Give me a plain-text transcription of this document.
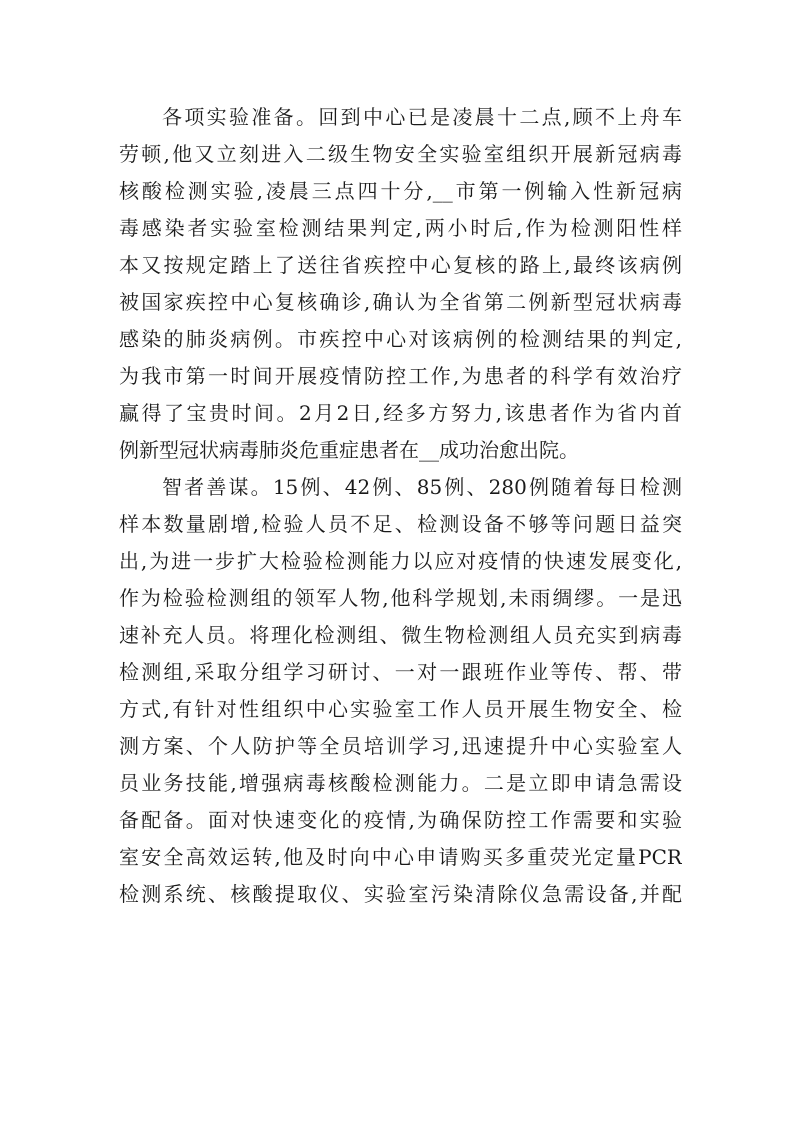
各项实验准备。回到中心已是凌晨十二点,顾不上舟车
劳顿,他又立刻进入二级生物安全实验室组织开展新冠病毒
核酸检测实验,凌晨三点四十分,__市第一例输入性新冠病
毒感染者实验室检测结果判定,两小时后,作为检测阳性样
本又按规定踏上了送往省疾控中心复核的路上,最终该病例
被国家疾控中心复核确诊,确认为全省第二例新型冠状病毒
感染的肺炎病例。市疾控中心对该病例的检测结果的判定,
为我市第一时间开展疫情防控工作,为患者的科学有效治疗
赢得了宝贵时间。2月2日,经多方努力,该患者作为省内首
例新型冠状病毒肺炎危重症患者在__成功治愈出院。
智者善谋。15例、42例、85例、280例随着每日检测
样本数量剧增,检验人员不足、检测设备不够等问题日益突
出,为进一步扩大检验检测能力以应对疫情的快速发展变化,
作为检验检测组的领军人物,他科学规划,未雨绸缪。一是迅
速补充人员。将理化检测组、微生物检测组人员充实到病毒
检测组,采取分组学习研讨、一对一跟班作业等传、帮、带
方式,有针对性组织中心实验室工作人员开展生物安全、检
测方案、个人防护等全员培训学习,迅速提升中心实验室人
员业务技能,增强病毒核酸检测能力。二是立即申请急需设
备配备。面对快速变化的疫情,为确保防控工作需要和实验
室安全高效运转,他及时向中心申请购买多重荧光定量PCR
检测系统、核酸提取仪、实验室污染清除仪急需设备,并配
